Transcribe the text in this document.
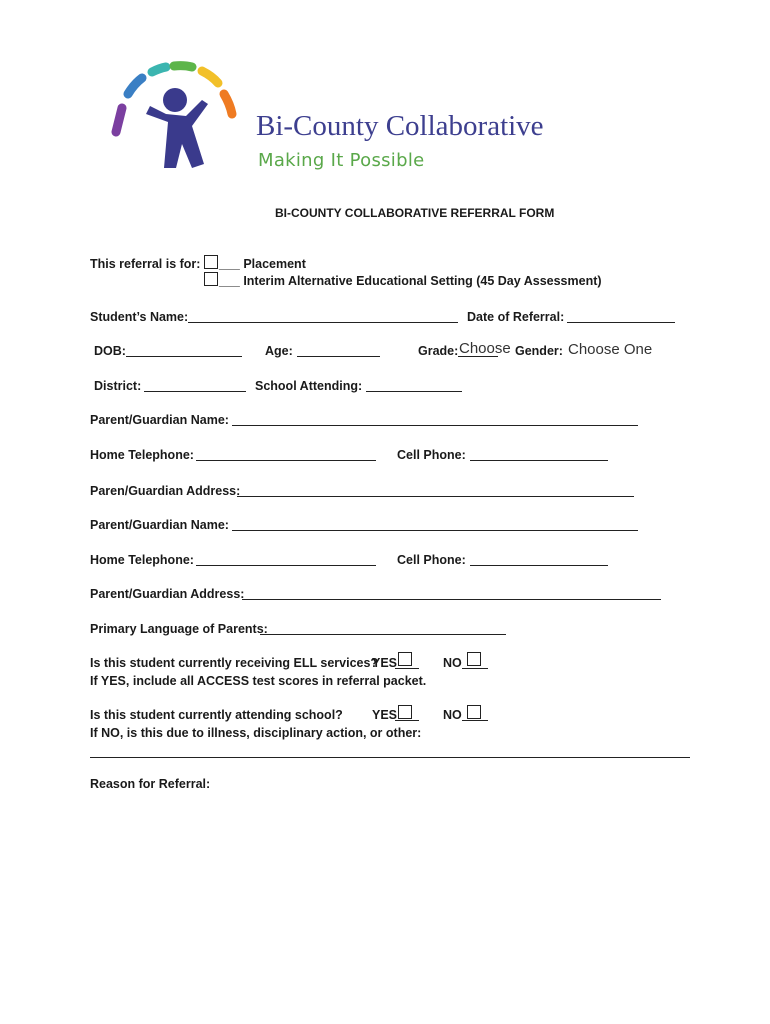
Bi-County Collaborative
Making It Possible
BI-COUNTY COLLABORATIVE REFERRAL FORM
This referral is for: ___ Placement
___ Interim Alternative Educational Setting (45 Day Assessment)
Student’s Name:	Date of Referral:
DOB:	Age:	Grade: Choose Gender: Choose One
District:	School Attending:
Parent/Guardian Name:
Home Telephone:	Cell Phone:
Paren/Guardian Address:
Parent/Guardian Name:
Home Telephone:	Cell Phone:
Parent/Guardian Address:
Primary Language of Parents:
Is this student currently receiving ELL services?
YES	NO
If YES, include all ACCESS test scores in referral packet.
Is this student currently attending school? YES	NO
If NO, is this due to illness, disciplinary action, or other:
Reason for Referral:
